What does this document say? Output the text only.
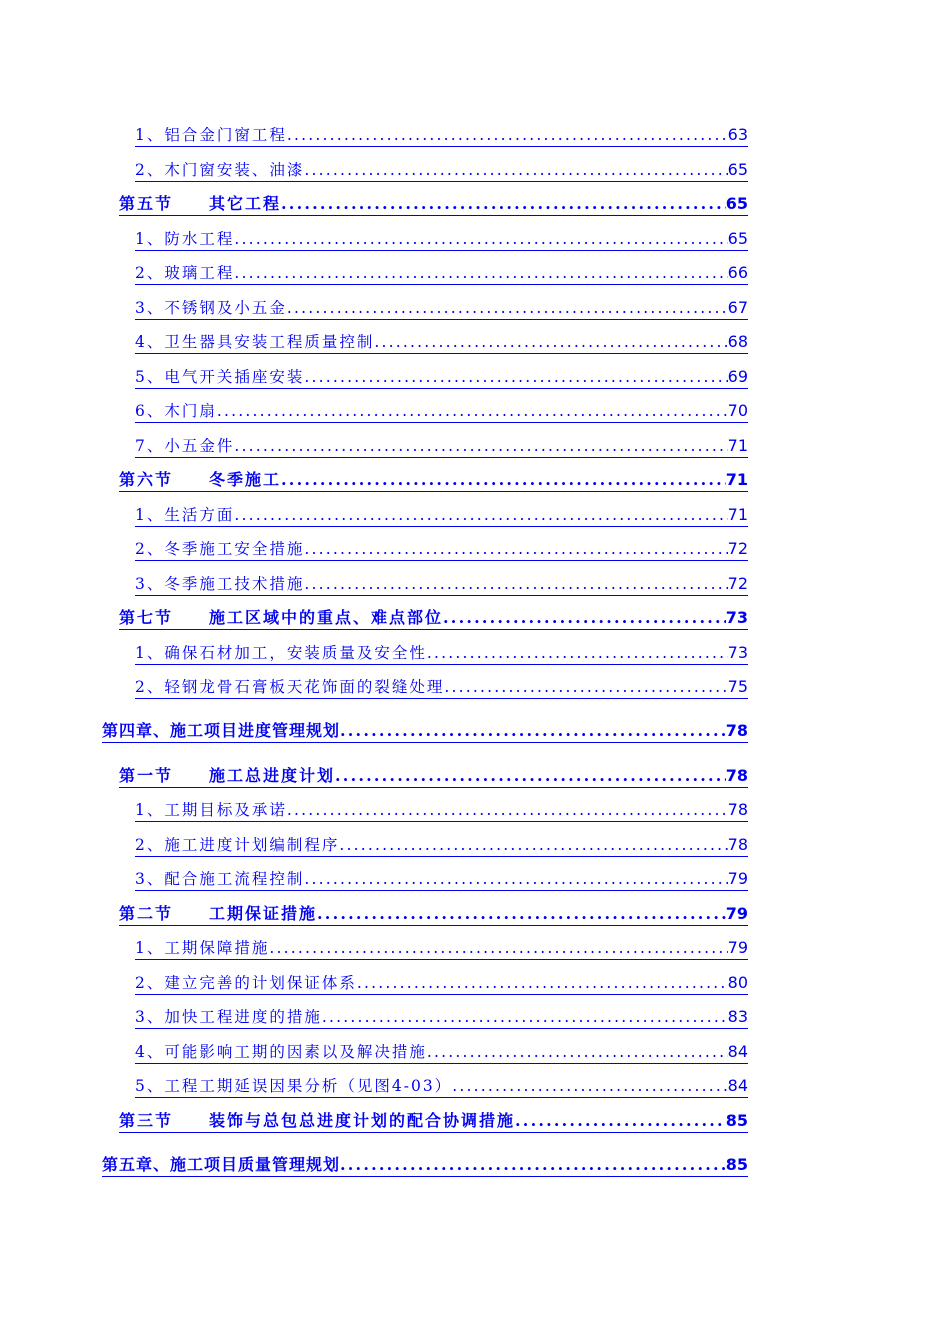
1、铝合金门窗工程 .....	63
2、木门窗安装、油漆 .....	65
第五节 其它工程 .....	65
1、防水工程 .....	65
2、玻璃工程 .....	66
3、不锈钢及小五金 .....	67
4、卫生器具安装工程质量控制 .....	68
5、电气开关插座安装 .....	69
6、木门扇 .....	70
7、小五金件 .....	71
第六节 冬季施工 .....	71
1、生活方面 .....	71
2、冬季施工安全措施 .....	72
3、冬季施工技术措施 .....	72
第七节 施工区域中的重点、难点部位 .....	73
1、确保石材加工，安装质量及安全性 .....	73
2、轻钢龙骨石膏板天花饰面的裂缝处理 .....	75
第四章、施工项目进度管理规划 .....	78
第一节 施工总进度计划 .....	78
1、工期目标及承诺 .....	78
2、施工进度计划编制程序 .....	78
3、配合施工流程控制 .....	79
第二节 工期保证措施 .....	79
1、工期保障措施 .....	79
2、建立完善的计划保证体系 .....	80
3、加快工程进度的措施 .....	83
4、可能影响工期的因素以及解决措施 .....	84
5、工程工期延误因果分析（见图4-03） .....	84
第三节 装饰与总包总进度计划的配合协调措施 .....	85
第五章、施工项目质量管理规划 .....	85
